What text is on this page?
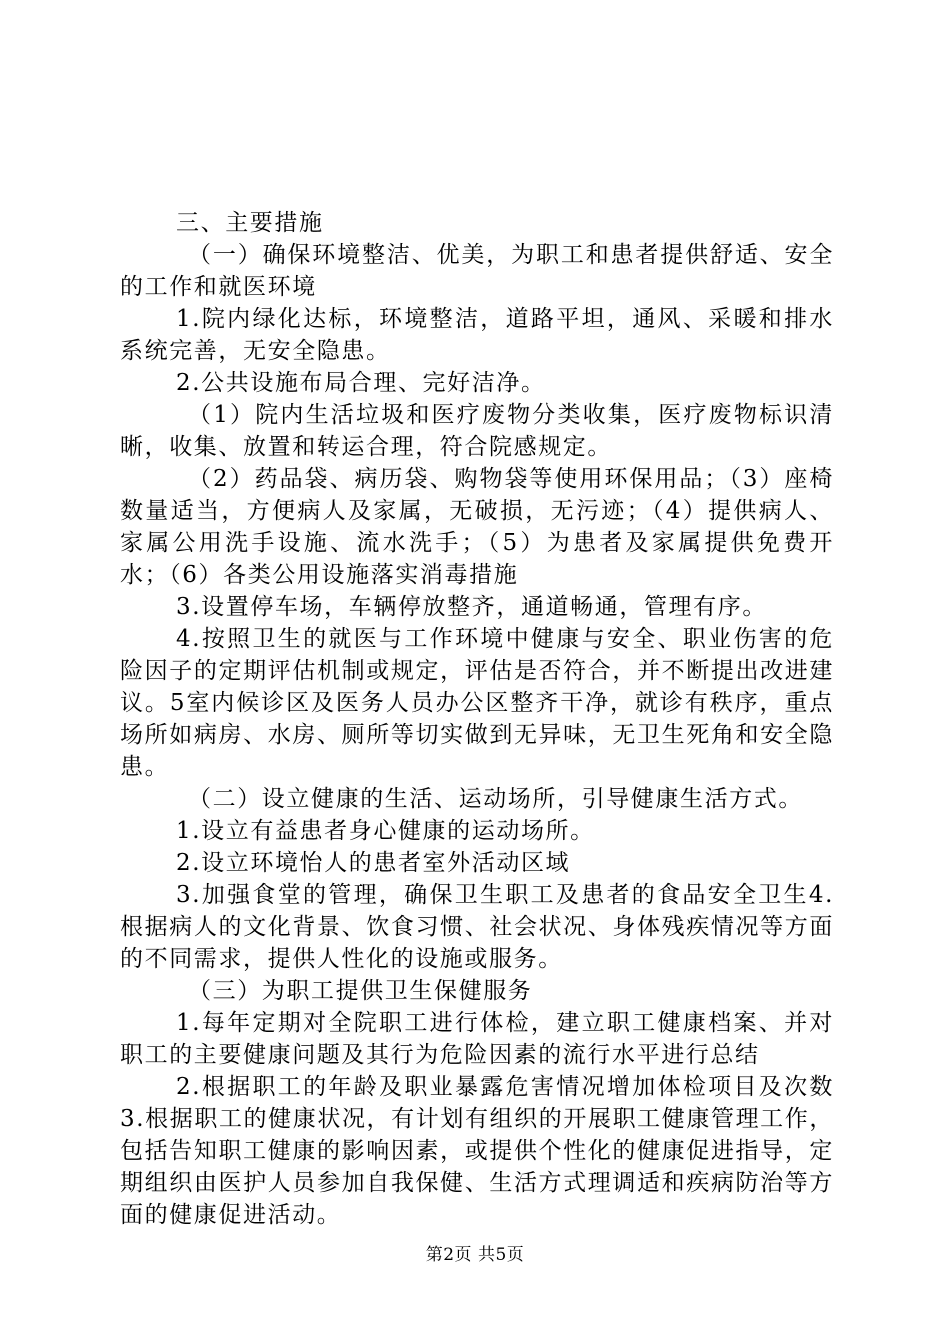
三、主要措施

（一）确保环境整洁、优美，为职工和患者提供舒适、安全的工作和就医环境

1.院内绿化达标，环境整洁，道路平坦，通风、采暖和排水系统完善，无安全隐患。

2.公共设施布局合理、完好洁净。

（1）院内生活垃圾和医疗废物分类收集，医疗废物标识清晰，收集、放置和转运合理，符合院感规定。

（2）药品袋、病历袋、购物袋等使用环保用品；（3）座椅数量适当，方便病人及家属，无破损，无污迹；（4）提供病人、家属公用洗手设施、流水洗手；（5）为患者及家属提供免费开水；（6）各类公用设施落实消毒措施

3.设置停车场，车辆停放整齐，通道畅通，管理有序。

4.按照卫生的就医与工作环境中健康与安全、职业伤害的危险因子的定期评估机制或规定，评估是否符合，并不断提出改进建议。5室内候诊区及医务人员办公区整齐干净，就诊有秩序，重点场所如病房、水房、厕所等切实做到无异味，无卫生死角和安全隐患。

（二）设立健康的生活、运动场所，引导健康生活方式。

1.设立有益患者身心健康的运动场所。

2.设立环境怡人的患者室外活动区域

3.加强食堂的管理，确保卫生职工及患者的食品安全卫生4.根据病人的文化背景、饮食习惯、社会状况、身体残疾情况等方面的不同需求，提供人性化的设施或服务。

（三）为职工提供卫生保健服务

1.每年定期对全院职工进行体检，建立职工健康档案、并对职工的主要健康问题及其行为危险因素的流行水平进行总结

2.根据职工的年龄及职业暴露危害情况增加体检项目及次数3.根据职工的健康状况，有计划有组织的开展职工健康管理工作，包括告知职工健康的影响因素，或提供个性化的健康促进指导，定期组织由医护人员参加自我保健、生活方式理调适和疾病防治等方面的健康促进活动。

第2页 共5页
